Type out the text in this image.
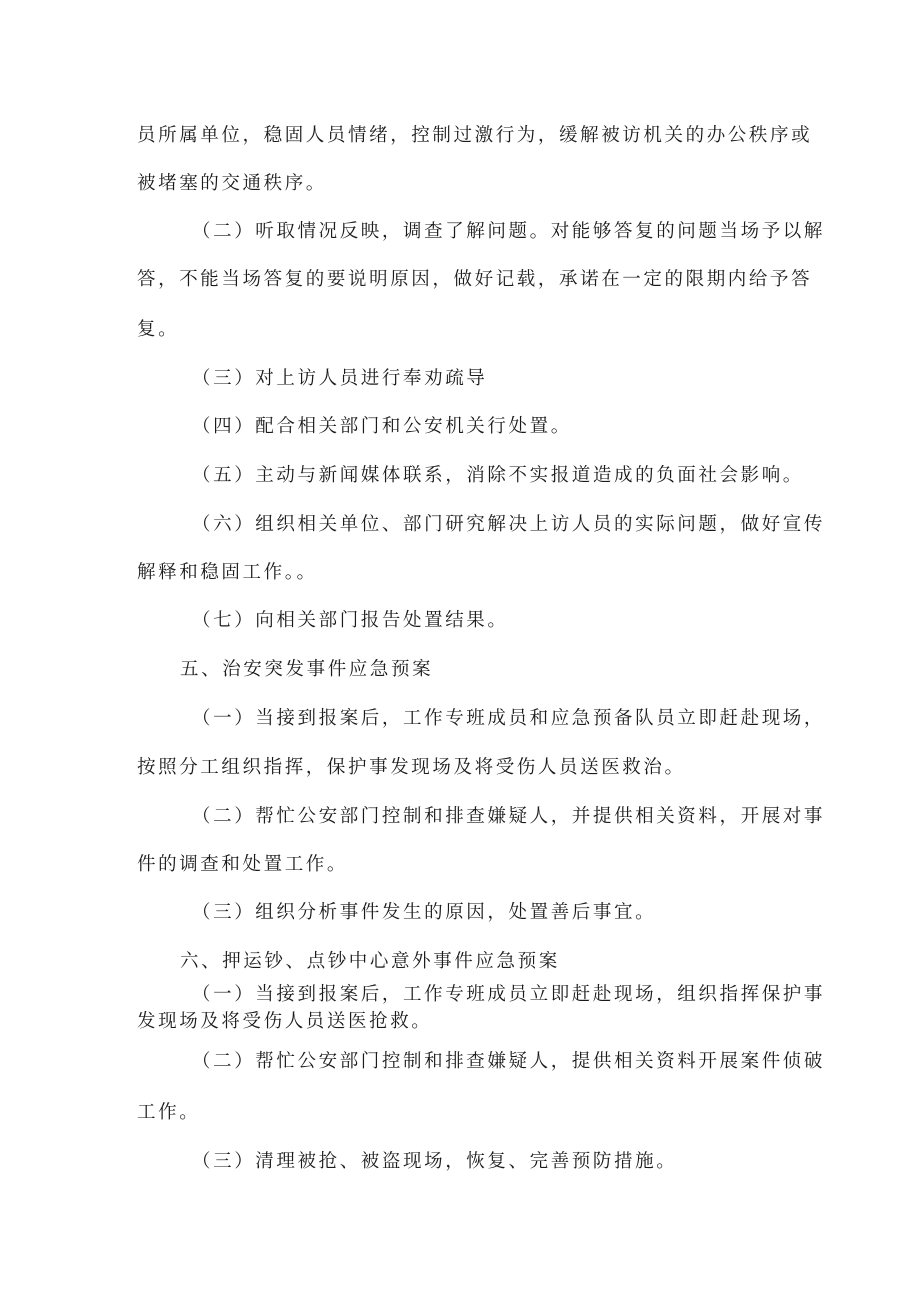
员所属单位，稳固人员情绪，控制过激行为，缓解被访机关的办公秩序或
被堵塞的交通秩序。
（二）听取情况反映，调查了解问题。对能够答复的问题当场予以解
答，不能当场答复的要说明原因，做好记载，承诺在一定的限期内给予答
复。
（三）对上访人员进行奉劝疏导
（四）配合相关部门和公安机关行处置。
（五）主动与新闻媒体联系，消除不实报道造成的负面社会影响。
（六）组织相关单位、部门研究解决上访人员的实际问题，做好宣传
解释和稳固工作。。
（七）向相关部门报告处置结果。
五、治安突发事件应急预案
（一）当接到报案后，工作专班成员和应急预备队员立即赶赴现场，
按照分工组织指挥，保护事发现场及将受伤人员送医救治。
（二）帮忙公安部门控制和排查嫌疑人，并提供相关资料，开展对事
件的调查和处置工作。
（三）组织分析事件发生的原因，处置善后事宜。
六、押运钞、点钞中心意外事件应急预案
（一）当接到报案后，工作专班成员立即赶赴现场，组织指挥保护事
发现场及将受伤人员送医抢救。
（二）帮忙公安部门控制和排查嫌疑人，提供相关资料开展案件侦破
工作。
（三）清理被抢、被盗现场，恢复、完善预防措施。
